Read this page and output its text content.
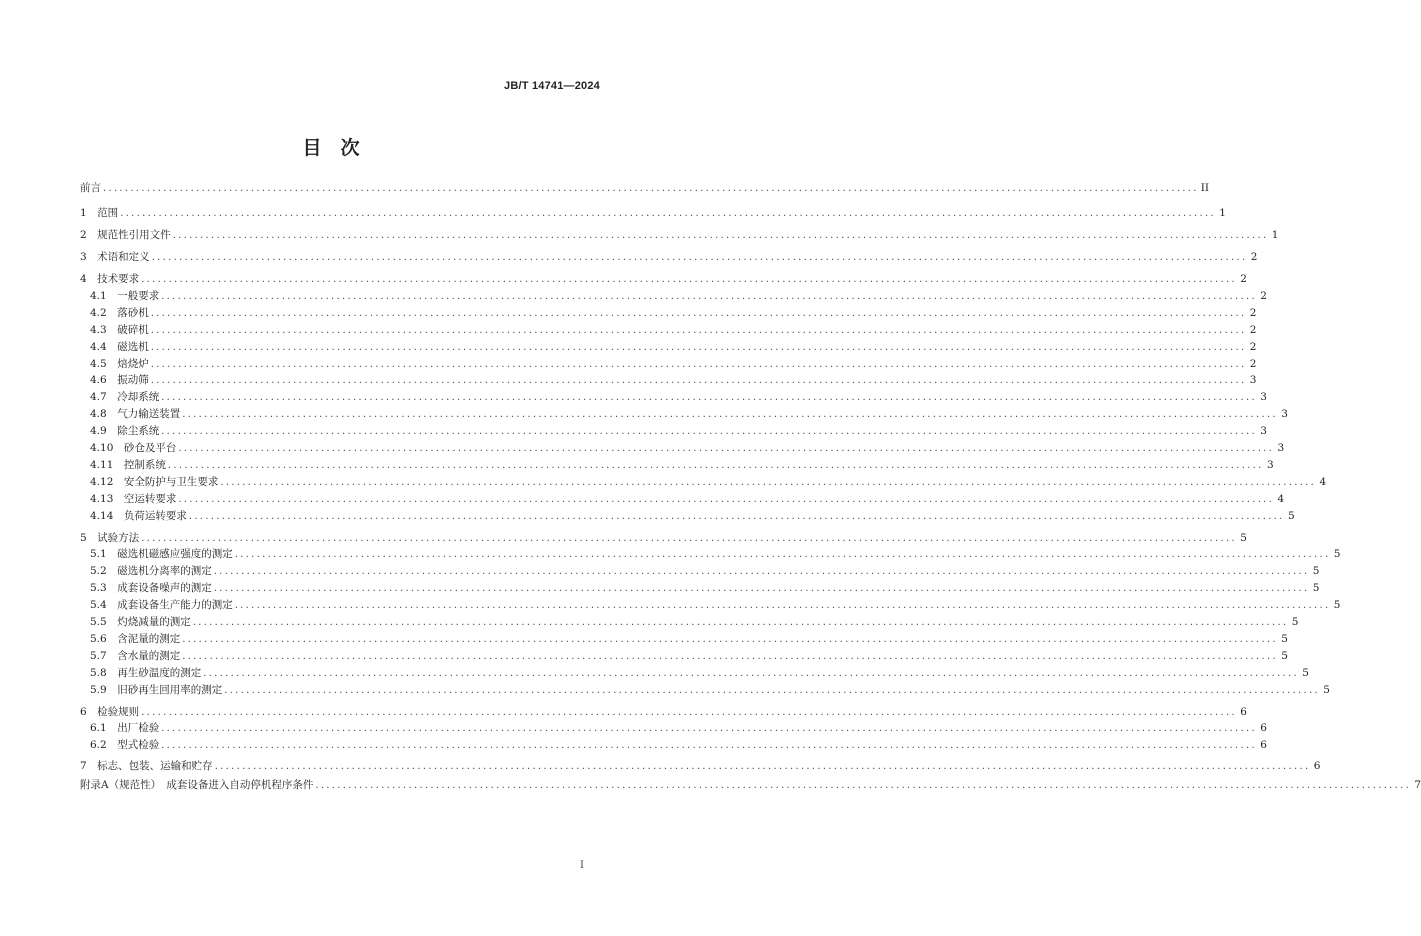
JB/T 14741—2024
目　次
前言 ........................................................................................................................................................................................................ II
1　范围 ........................................................................................................................................................................................................ 1
2　规范性引用文件 ........................................................................................................................................................................................................ 1
3　术语和定义 ........................................................................................................................................................................................................ 2
4　技术要求 ........................................................................................................................................................................................................ 2
4.1　一般要求 ........................................................................................................................................................................................................ 2
4.2　落砂机 ........................................................................................................................................................................................................ 2
4.3　破碎机 ........................................................................................................................................................................................................ 2
4.4　磁选机 ........................................................................................................................................................................................................ 2
4.5　焙烧炉 ........................................................................................................................................................................................................ 2
4.6　振动筛 ........................................................................................................................................................................................................ 3
4.7　冷却系统 ........................................................................................................................................................................................................ 3
4.8　气力输送装置 ........................................................................................................................................................................................................ 3
4.9　除尘系统 ........................................................................................................................................................................................................ 3
4.10　砂仓及平台 ........................................................................................................................................................................................................ 3
4.11　控制系统 ........................................................................................................................................................................................................ 3
4.12　安全防护与卫生要求 ........................................................................................................................................................................................................ 4
4.13　空运转要求 ........................................................................................................................................................................................................ 4
4.14　负荷运转要求 ........................................................................................................................................................................................................ 5
5　试验方法 ........................................................................................................................................................................................................ 5
5.1　磁选机磁感应强度的测定 ........................................................................................................................................................................................................ 5
5.2　磁选机分离率的测定 ........................................................................................................................................................................................................ 5
5.3　成套设备噪声的测定 ........................................................................................................................................................................................................ 5
5.4　成套设备生产能力的测定 ........................................................................................................................................................................................................ 5
5.5　灼烧减量的测定 ........................................................................................................................................................................................................ 5
5.6　含泥量的测定 ........................................................................................................................................................................................................ 5
5.7　含水量的测定 ........................................................................................................................................................................................................ 5
5.8　再生砂温度的测定 ........................................................................................................................................................................................................ 5
5.9　旧砂再生回用率的测定 ........................................................................................................................................................................................................ 5
6　检验规则 ........................................................................................................................................................................................................ 6
6.1　出厂检验 ........................................................................................................................................................................................................ 6
6.2　型式检验 ........................................................................................................................................................................................................ 6
7　标志、包装、运输和贮存 ........................................................................................................................................................................................................ 6
附录A（规范性）　成套设备进入自动停机程序条件 ........................................................................................................................................................................................................ 7
I
